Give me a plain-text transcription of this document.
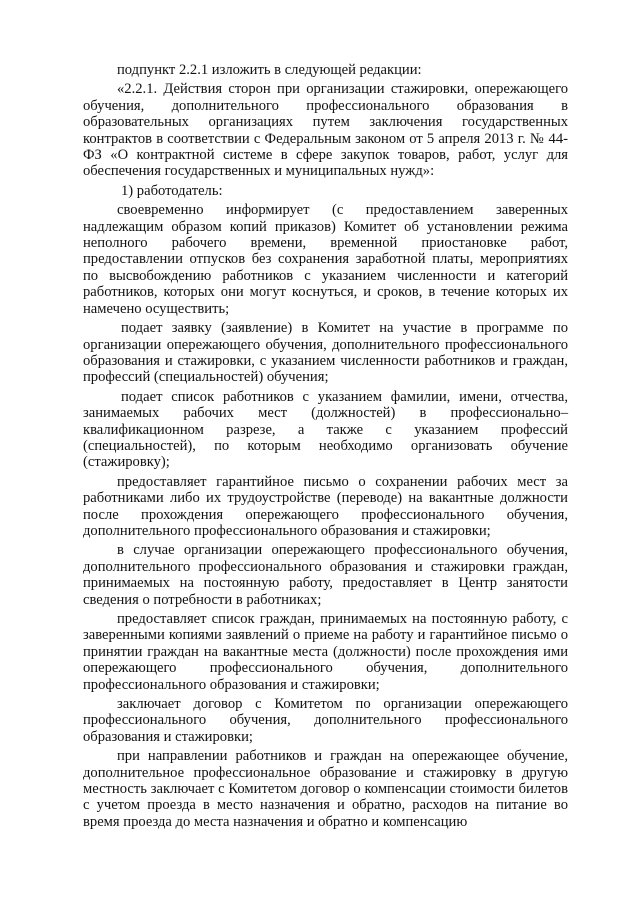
подпункт 2.2.1 изложить в следующей редакции:

«2.2.1. Действия сторон при организации стажировки, опережающего обучения, дополнительного профессионального образования в образовательных организациях путем заключения государственных контрактов в соответствии с Федеральным законом от 5 апреля 2013 г. № 44-ФЗ «О контрактной системе в сфере закупок товаров, работ, услуг для обеспечения государственных и муниципальных нужд»:

1) работодатель:

своевременно информирует (с предоставлением заверенных надлежащим образом копий приказов) Комитет об установлении режима неполного рабочего времени, временной приостановке работ, предоставлении отпусков без сохранения заработной платы, мероприятиях по высвобождению работников с указанием численности и категорий работников, которых они могут коснуться, и сроков, в течение которых их намечено осуществить;

подает заявку (заявление) в Комитет на участие в программе по организации опережающего обучения, дополнительного профессионального образования и стажировки, с указанием численности работников и граждан, профессий (специальностей) обучения;

подает список работников с указанием фамилии, имени, отчества, занимаемых рабочих мест (должностей) в профессионально–квалификационном разрезе, а также с указанием профессий (специальностей), по которым необходимо организовать обучение (стажировку);

предоставляет гарантийное письмо о сохранении рабочих мест за работниками либо их трудоустройстве (переводе) на вакантные должности после прохождения опережающего профессионального обучения, дополнительного профессионального образования и стажировки;

в случае организации опережающего профессионального обучения, дополнительного профессионального образования и стажировки граждан, принимаемых на постоянную работу, предоставляет в Центр занятости сведения о потребности в работниках;

предоставляет список граждан, принимаемых на постоянную работу, с заверенными копиями заявлений о приеме на работу и гарантийное письмо о принятии граждан на вакантные места (должности) после прохождения ими опережающего профессионального обучения, дополнительного профессионального образования и стажировки;

заключает договор с Комитетом по организации опережающего профессионального обучения, дополнительного профессионального образования и стажировки;

при направлении работников и граждан на опережающее обучение, дополнительное профессиональное образование и стажировку в другую местность заключает с Комитетом договор о компенсации стоимости билетов с учетом проезда в место назначения и обратно, расходов на питание во время проезда до места назначения и обратно и компенсацию
